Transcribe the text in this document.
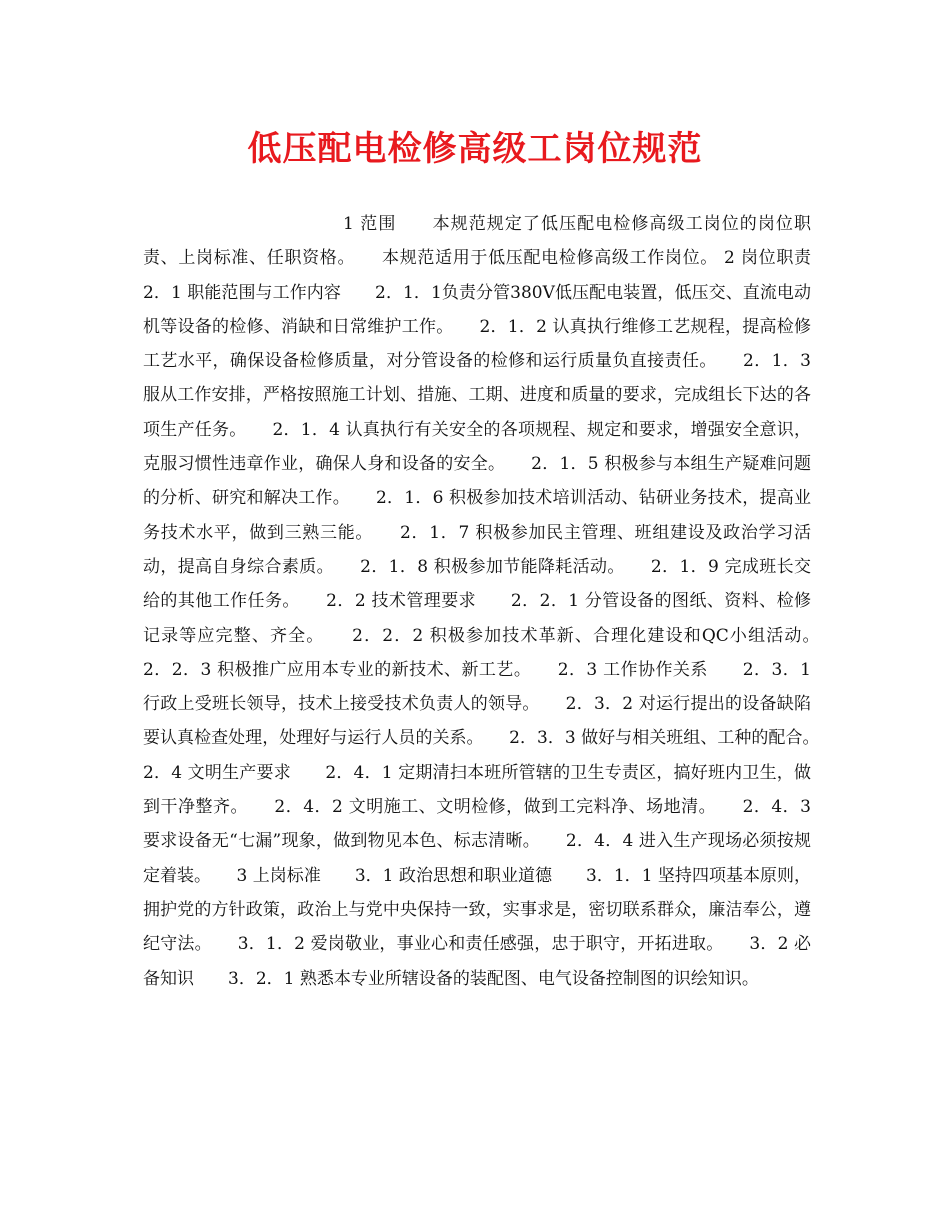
低压配电检修高级工岗位规范
1 范围　　本规范规定了低压配电检修高级工岗位的岗位职责、上岗标准、任职资格。　　本规范适用于低压配电检修高级工作岗位。 2 岗位职责　　2．1 职能范围与工作内容　　2．1．1负责分管380V低压配电装置，低压交、直流电动机等设备的检修、消缺和日常维护工作。　　2．1．2 认真执行维修工艺规程，提高检修工艺水平，确保设备检修质量，对分管设备的检修和运行质量负直接责任。　　2．1．3 服从工作安排，严格按照施工计划、措施、工期、进度和质量的要求，完成组长下达的各项生产任务。　　2．1．4 认真执行有关安全的各项规程、规定和要求，增强安全意识，克服习惯性违章作业，确保人身和设备的安全。　　2．1．5 积极参与本组生产疑难问题的分析、研究和解决工作。　　2．1．6 积极参加技术培训活动、钻研业务技术，提高业务技术水平，做到三熟三能。　　2．1．7 积极参加民主管理、班组建设及政治学习活动，提高自身综合素质。　　2．1．8 积极参加节能降耗活动。　　2．1．9 完成班长交给的其他工作任务。　　2．2 技术管理要求　　2．2．1 分管设备的图纸、资料、检修记录等应完整、齐全。　　2．2．2 积极参加技术革新、合理化建设和QC小组活动。　　2．2．3 积极推广应用本专业的新技术、新工艺。　　2．3 工作协作关系　　2．3．1 行政上受班长领导，技术上接受技术负责人的领导。　　2．3．2 对运行提出的设备缺陷要认真检查处理，处理好与运行人员的关系。　　2．3．3 做好与相关班组、工种的配合。　　2．4 文明生产要求　　2．4．1 定期清扫本班所管辖的卫生专责区，搞好班内卫生，做到干净整齐。　　2．4．2 文明施工、文明检修，做到工完料净、场地清。　　2．4．3 要求设备无“七漏”现象，做到物见本色、标志清晰。　　2．4．4 进入生产现场必须按规定着装。　　3 上岗标准　　3．1 政治思想和职业道德　　3．1．1 坚持四项基本原则，拥护党的方针政策，政治上与党中央保持一致，实事求是，密切联系群众，廉洁奉公，遵纪守法。　　3．1．2 爱岗敬业，事业心和责任感强，忠于职守，开拓进取。　　3．2 必备知识　　3．2．1 熟悉本专业所辖设备的装配图、电气设备控制图的识绘知识。
